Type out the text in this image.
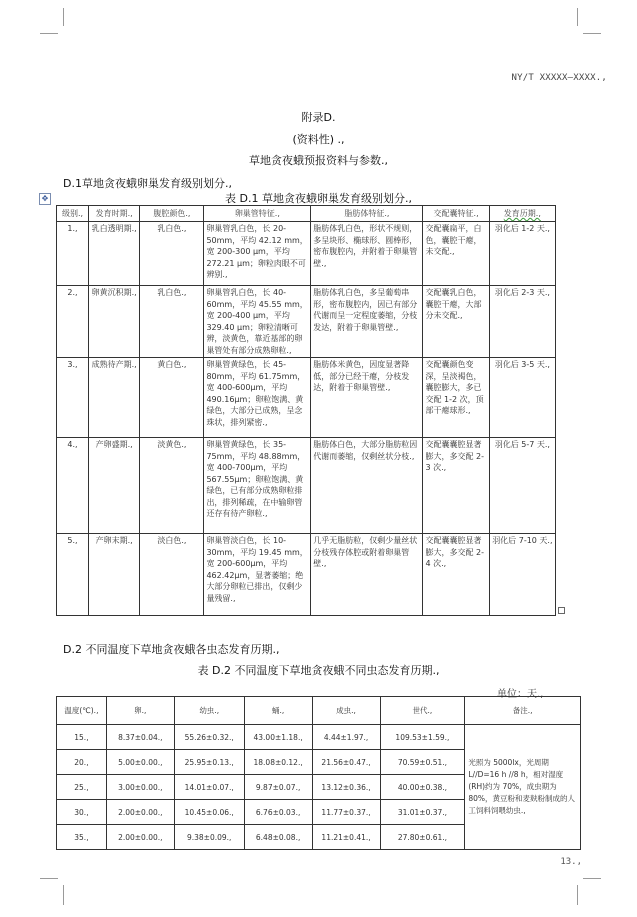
NY/T XXXXX—XXXX.,
附录D.
(资料性) .,
草地贪夜蛾预报资料与参数.,
D.1草地贪夜蛾卵巢发育级别划分.,
✥	表 D.1 草地贪夜蛾卵巢发育级别划分.,
级别.,	发育时期.,	腹腔颜色.,	卵巢管特征.,	脂肪体特征.,	交配囊特征.,	发育历期.,
1.,	乳白透明期.,	乳白色.,	卵巢管乳白色，长 20-50mm，平均 42.12 mm，宽 200-300 μm，平均 272.21 μm；卵粒肉眼不可辨别.,	脂肪体乳白色，形状不规则，多呈块形、椭球形、圆棒形，密布腹腔内，并附着于卵巢管壁.,	交配囊扁平，白色，囊腔干瘪，未交配.,	羽化后 1-2 天.,
2.,	卵黄沉积期.,	乳白色.,	卵巢管乳白色，长 40-60mm，平均 45.55 mm，宽 200-400 μm，平均 329.40 μm；卵粒清晰可辨，淡黄色，靠近基部的卵巢管处有部分成熟卵粒.,	脂肪体乳白色，多呈葡萄串形，密布腹腔内，因已有部分代谢而呈一定程度萎缩，分枝发达，附着于卵巢管壁.,	交配囊乳白色，囊腔干瘪，大部分未交配.,	羽化后 2-3 天.,
3.,	成熟待产期.,	黄白色.,	卵巢管黄绿色，长 45-80mm，平均 61.75mm，宽 400-600μm，平均 490.16μm；卵粒饱满、黄绿色，大部分已成熟，呈念珠状，排列紧密.,	脂肪体米黄色，因度显著降低，部分已经干瘪，分枝发达，附着于卵巢管壁.,	交配囊颜色变深，呈淡褐色，囊腔膨大，多已交配 1-2 次，顶部干瘪球形.,	羽化后 3-5 天.,
4.,	产卵盛期.,	淡黄色.,	卵巢管黄绿色，长 35-75mm，平均 48.88mm，宽 400-700μm，平均 567.55μm；卵粒饱满、黄绿色，已有部分成熟卵粒排出，排列稀疏，在中输卵管还存有待产卵粒.,	脂肪体白色，大部分脂肪粒因代谢而萎缩，仅剩丝状分枝.,	交配囊囊腔显著膨大，多交配 2-3 次.,	羽化后 5-7 天.,
5.,	产卵末期.,	淡白色.,	卵巢管淡白色，长 10-30mm，平均 19.45 mm，宽 200-600μm，平均 462.42μm，显著萎缩；绝大部分卵粒已排出，仅剩少量残留.,	几乎无脂肪粒，仅剩少量丝状分枝残存体腔或附着卵巢管壁.,	交配囊囊腔显著膨大，多交配 2-4 次.,	羽化后 7-10 天.,
D.2 不同温度下草地贪夜蛾各虫态发育历期.,
表 D.2 不同温度下草地贪夜蛾不同虫态发育历期.,
单位：天.,
温度(℃).,	卵.,	幼虫.,	蛹.,	成虫.,	世代.,	备注.,
15.,	8.37±0.04.,	55.26±0.32.,	43.00±1.18.,	4.44±1.97.,	109.53±1.59.,	光照为 5000lx，光周期 L//D=16 h //8 h，相对湿度(RH)约为 70%，成虫期为 80%，黄豆粉和麦麸粉制成的人工饲料饲喂幼虫.,
20.,	5.00±0.00.,	25.95±0.13.,	18.08±0.12.,	21.56±0.47.,	70.59±0.51.,	
25.,	3.00±0.00.,	14.01±0.07.,	9.87±0.07.,	13.12±0.36.,	40.00±0.38.,	
30.,	2.00±0.00.,	10.45±0.06.,	6.76±0.03.,	11.77±0.37.,	31.01±0.37.,	
35.,	2.00±0.00.,	9.38±0.09.,	6.48±0.08.,	11.21±0.41.,	27.80±0.61.,	
13.,
